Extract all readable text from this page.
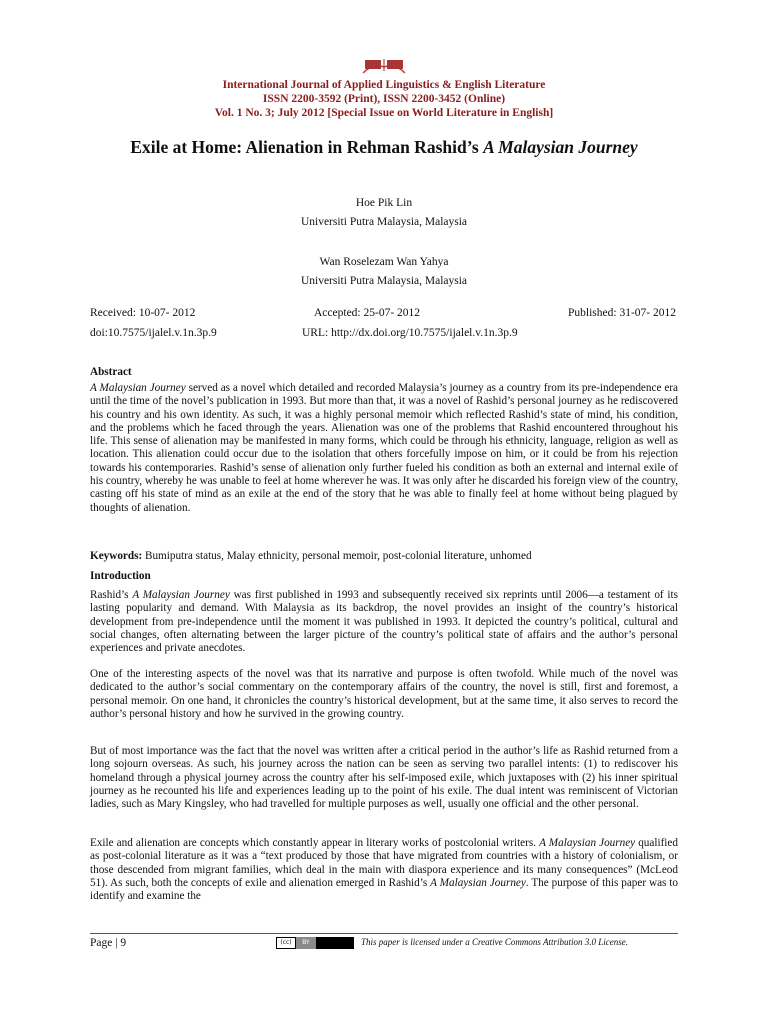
International Journal of Applied Linguistics & English Literature
ISSN 2200-3592 (Print), ISSN 2200-3452 (Online)
Vol. 1 No. 3; July 2012 [Special Issue on World Literature in English]
Exile at Home: Alienation in Rehman Rashid’s A Malaysian Journey
Hoe Pik Lin
Universiti Putra Malaysia, Malaysia
Wan Roselezam Wan Yahya
Universiti Putra Malaysia, Malaysia
Received: 10-07- 2012	Accepted: 25-07- 2012	Published: 31-07- 2012
doi:10.7575/ijalel.v.1n.3p.9	URL: http://dx.doi.org/10.7575/ijalel.v.1n.3p.9
Abstract

A Malaysian Journey served as a novel which detailed and recorded Malaysia’s journey as a country from its pre-independence era until the time of the novel’s publication in 1993. But more than that, it was a novel of Rashid’s personal journey as he rediscovered his country and his own identity. As such, it was a highly personal memoir which reflected Rashid’s state of mind, his condition, and the problems which he faced through the years. Alienation was one of the problems that Rashid encountered throughout his life. This sense of alienation may be manifested in many forms, which could be through his ethnicity, language, religion as well as location. This alienation could occur due to the isolation that others forcefully impose on him, or it could be from his rejection towards his contemporaries. Rashid’s sense of alienation only further fueled his condition as both an external and internal exile of his country, whereby he was unable to feel at home wherever he was. It was only after he discarded his foreign view of the country, casting off his state of mind as an exile at the end of the story that he was able to finally feel at home without being plagued by thoughts of alienation.

Keywords: Bumiputra status, Malay ethnicity, personal memoir, post-colonial literature, unhomed
Introduction

Rashid’s A Malaysian Journey was first published in 1993 and subsequently received six reprints until 2006—a testament of its lasting popularity and demand. With Malaysia as its backdrop, the novel provides an insight of the country’s historical development from pre-independence until the moment it was published in 1993. It depicted the country’s political, cultural and social changes, often alternating between the larger picture of the country’s political state of affairs and the author’s personal experiences and private anecdotes.

One of the interesting aspects of the novel was that its narrative and purpose is often twofold. While much of the novel was dedicated to the author’s social commentary on the contemporary affairs of the country, the novel is still, first and foremost, a personal memoir. On one hand, it chronicles the country’s historical development, but at the same time, it also serves to record the author’s personal history and how he survived in the growing country.

But of most importance was the fact that the novel was written after a critical period in the author’s life as Rashid returned from a long sojourn overseas. As such, his journey across the nation can be seen as serving two parallel intents: (1) to rediscover his homeland through a physical journey across the country after his self-imposed exile, which juxtaposes with (2) his inner spiritual journey as he recounted his life and experiences leading up to the point of his exile. The dual intent was reminiscent of Victorian ladies, such as Mary Kingsley, who had travelled for multiple purposes as well, usually one official and the other personal.

Exile and alienation are concepts which constantly appear in literary works of postcolonial writers. A Malaysian Journey qualified as post-colonial literature as it was a “text produced by those that have migrated from countries with a history of colonialism, or those descended from migrant families, which deal in the main with diaspora experience and its many consequences” (McLeod 51). As such, both the concepts of exile and alienation emerged in Rashid’s A Malaysian Journey. The purpose of this paper was to identify and examine the

Page | 9	(cc)	BY	This paper is licensed under a Creative Commons Attribution 3.0 License.
